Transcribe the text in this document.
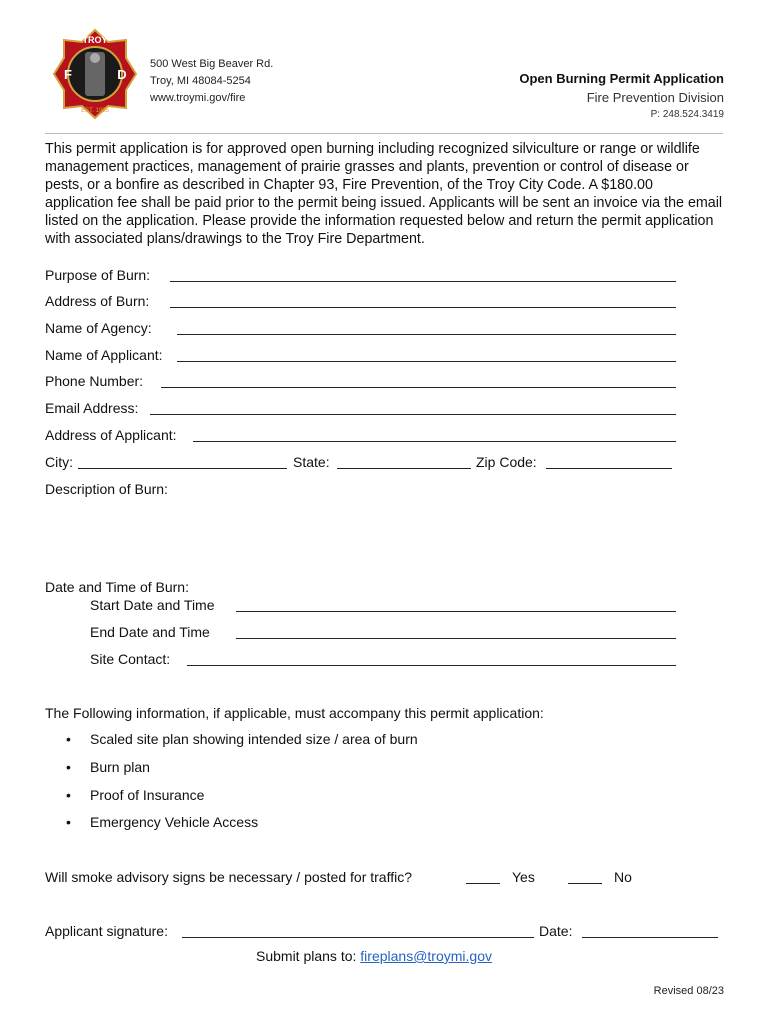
TROY
F	D
EST. 1955
500 West Big Beaver Rd.
Troy, MI 48084-5254
www.troymi.gov/fire
Open Burning Permit Application
Fire Prevention Division
P: 248.524.3419
This permit application is for approved open burning including recognized silviculture or range or wildlife management practices, management of prairie grasses and plants, prevention or control of disease or pests, or a bonfire as described in Chapter 93, Fire Prevention, of the Troy City Code. A $180.00 application fee shall be paid prior to the permit being issued. Applicants will be sent an invoice via the email listed on the application. Please provide the information requested below and return the permit application with associated plans/drawings to the Troy Fire Department.
Purpose of Burn:
Address of Burn:
Name of Agency:
Name of Applicant:
Phone Number:
Email Address:
Address of Applicant:
City:	State:	Zip Code:
Description of Burn:
Date and Time of Burn:
Start Date and Time
End Date and Time
Site Contact:
The Following information, if applicable, must accompany this permit application:
• Scaled site plan showing intended size / area of burn
• Burn plan
• Proof of Insurance
• Emergency Vehicle Access
Will smoke advisory signs be necessary / posted for traffic?	Yes	No
Applicant signature:	Date:
Submit plans to: fireplans@troymi.gov
Revised 08/23
